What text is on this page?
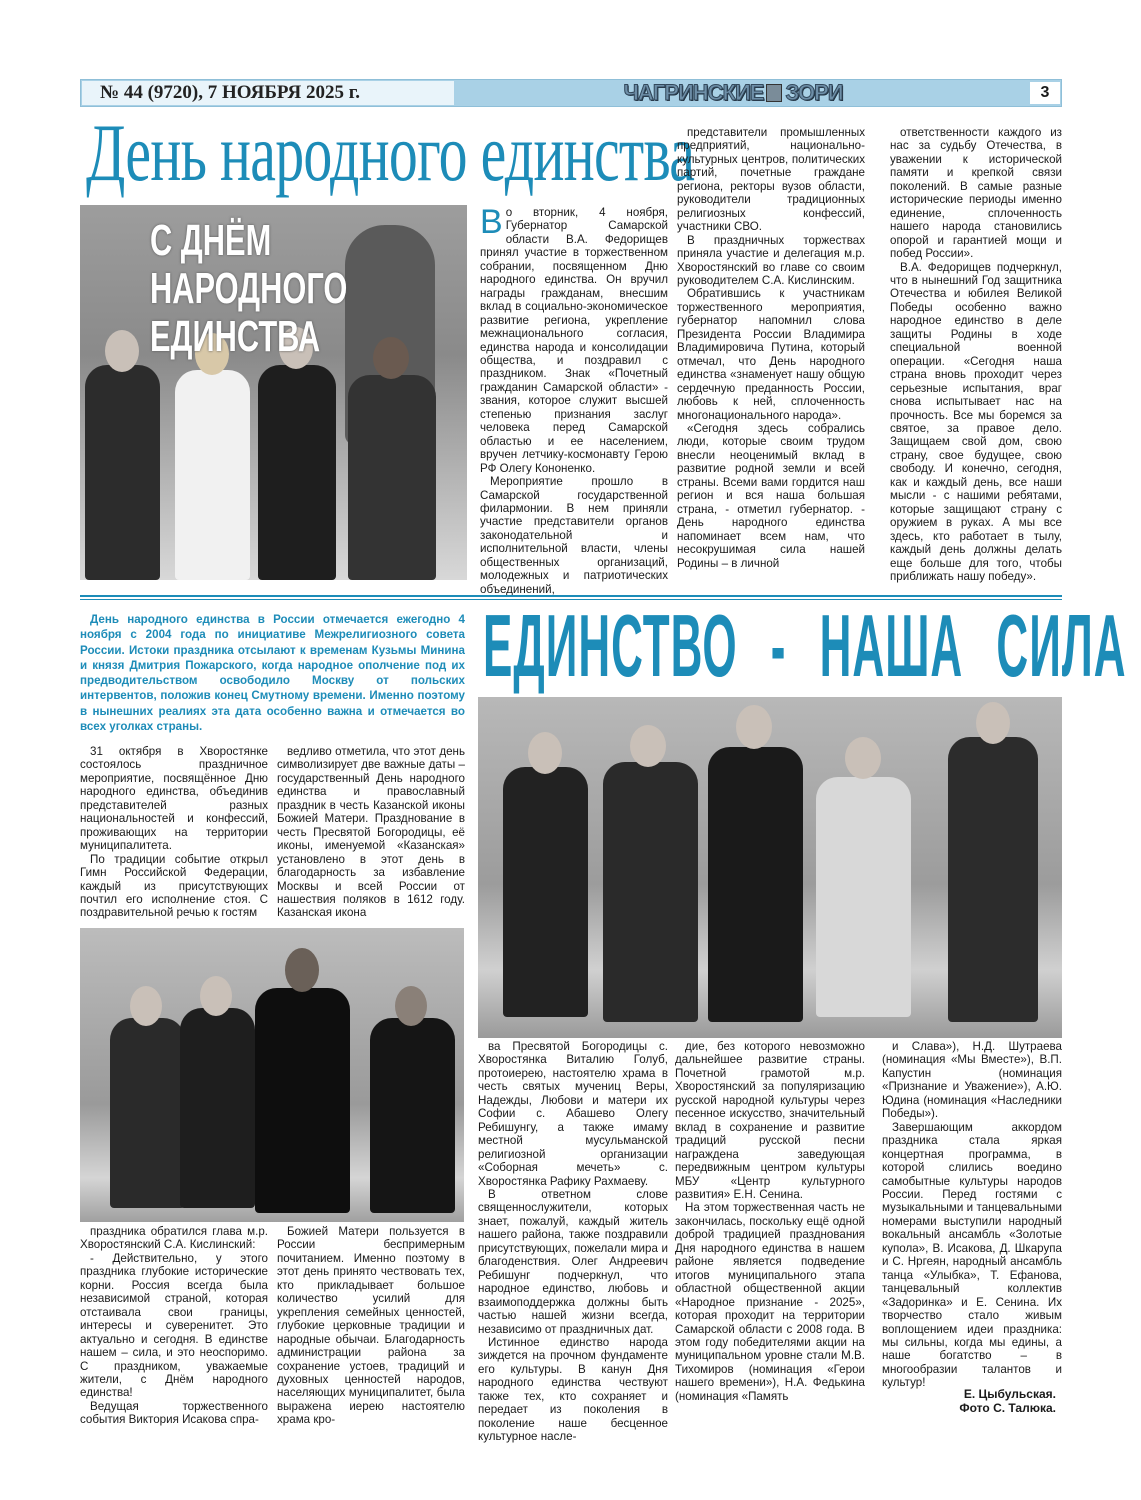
№ 44 (9720), 7 НОЯБРЯ 2025 г.	ЧАГРИНСКИЕ ЗОРИ	3
День народного единства
С ДНЁМ
НАРОДНОГО
ЕДИНСТВА

Во вторник, 4 ноября, Губернатор Самарской области В.А. Федорищев принял участие в торжественном собрании, посвященном Дню народного единства. Он вручил награды гражданам, внесшим вклад в социально-экономическое развитие региона, укрепление межнационального согласия, единства народа и консолидации общества, и поздравил с праздником. Знак «Почетный гражданин Самарской области» - звания, которое служит высшей степенью признания заслуг человека перед Самарской областью и ее населением, вручен летчику-космонавту Герою РФ Олегу Кононенко.

Мероприятие прошло в Самарской государственной филармонии. В нем приняли участие представители органов законодательной и исполнительной власти, члены общественных организаций, молодежных и патриотических объединений,

представители промышленных предприятий, национально-культурных центров, политических партий, почетные граждане региона, ректоры вузов области, руководители традиционных религиозных конфессий, участники СВО.

В праздничных торжествах приняла участие и делегация м.р. Хворостянский во главе со своим руководителем С.А. Кислинским.

Обратившись к участникам торжественного мероприятия, губернатор напомнил слова Президента России Владимира Владимировича Путина, который отмечал, что День народного единства «знаменует нашу общую сердечную преданность России, любовь к ней, сплоченность многонационального народа».

«Сегодня здесь собрались люди, которые своим трудом внесли неоценимый вклад в развитие родной земли и всей страны. Всеми вами гордится наш регион и вся наша большая страна, - отметил губернатор. - День народного единства напоминает всем нам, что несокрушимая сила нашей Родины – в личной

ответственности каждого из нас за судьбу Отечества, в уважении к исторической памяти и крепкой связи поколений. В самые разные исторические периоды именно единение, сплоченность нашего народа становились опорой и гарантией мощи и побед России».

В.А. Федорищев подчеркнул, что в нынешний Год защитника Отечества и юбилея Великой Победы особенно важно народное единство в деле защиты Родины в ходе специальной военной операции. «Сегодня наша страна вновь проходит через серьезные испытания, враг снова испытывает нас на прочность. Все мы боремся за святое, за правое дело. Защищаем свой дом, свою страну, свое будущее, свою свободу. И конечно, сегодня, как и каждый день, все наши мысли - с нашими ребятами, которые защищают страну с оружием в руках. А мы все здесь, кто работает в тылу, каждый день должны делать еще больше для того, чтобы приближать нашу победу».

День народного единства в России отмечается ежегодно 4 ноября с 2004 года по инициативе Межрелигиозного совета России. Истоки праздника отсылают к временам Кузьмы Минина и князя Дмитрия Пожарского, когда народное ополчение под их предводительством освободило Москву от польских интервентов, положив конец Смутному времени. Именно поэтому в нынешних реалиях эта дата особенно важна и отмечается во всех уголках страны.
ЕДИНСТВО - НАША СИЛА

31 октября в Хворостянке состоялось праздничное мероприятие, посвящённое Дню народного единства, объединив представителей разных национальностей и конфессий, проживающих на территории муниципалитета.

По традиции событие открыл Гимн Российской Федерации, каждый из присутствующих почтил его исполнение стоя. С поздравительной речью к гостям

ведливо отметила, что этот день символизирует две важные даты – государственный День народного единства и православный праздник в честь Казанской иконы Божией Матери. Празднование в честь Пресвятой Богородицы, её иконы, именуемой «Казанская» установлено в этот день в благодарность за избавление Москвы и всей России от нашествия поляков в 1612 году. Казанская икона

праздника обратился глава м.р. Хворостянский С.А. Кислинский:

- Действительно, у этого праздника глубокие исторические корни. Россия всегда была независимой страной, которая отстаивала свои границы, интересы и суверенитет. Это актуально и сегодня. В единстве нашем – сила, и это неоспоримо. С праздником, уважаемые жители, с Днём народного единства!

Ведущая торжественного события Виктория Исакова спра-

Божией Матери пользуется в России беспримерным почитанием. Именно поэтому в этот день принято чествовать тех, кто прикладывает большое количество усилий для укрепления семейных ценностей, глубокие церковные традиции и народные обычаи. Благодарность администрации района за сохранение устоев, традиций и духовных ценностей народов, населяющих муниципалитет, была выражена иерею настоятелю храма кро-

ва Пресвятой Богородицы с. Хворостянка Виталию Голуб, протоиерею, настоятелю храма в честь святых мучениц Веры, Надежды, Любови и матери их Софии с. Абашево Олегу Ребишунгу, а также имаму местной мусульманской религиозной организации «Соборная мечеть» с. Хворостянка Рафику Рахмаеву.

В ответном слове священнослужители, которых знает, пожалуй, каждый житель нашего района, также поздравили присутствующих, пожелали мира и благоденствия. Олег Андреевич Ребишунг подчеркнул, что народное единство, любовь и взаимоподдержка должны быть частью нашей жизни всегда, независимо от праздничных дат.

Истинное единство народа зиждется на прочном фундаменте его культуры. В канун Дня народного единства чествуют также тех, кто сохраняет и передает из поколения в поколение наше бесценное культурное насле-

дие, без которого невозможно дальнейшее развитие страны. Почетной грамотой м.р. Хворостянский за популяризацию русской народной культуры через песенное искусство, значительный вклад в сохранение и развитие традиций русской песни награждена заведующая передвижным центром культуры МБУ «Центр культурного развития» Е.Н. Сенина.

На этом торжественная часть не закончилась, поскольку ещё одной доброй традицией празднования Дня народного единства в нашем районе является подведение итогов муниципального этапа областной общественной акции «Народное признание - 2025», которая проходит на территории Самарской области с 2008 года. В этом году победителями акции на муниципальном уровне стали М.В. Тихомиров (номинация «Герои нашего времени»), Н.А. Федькина (номинация «Память

и Слава»), Н.Д. Шутраева (номинация «Мы Вместе»), В.П. Капустин (номинация «Признание и Уважение»), А.Ю. Юдина (номинация «Наследники Победы»).

Завершающим аккордом праздника стала яркая концертная программа, в которой слились воедино самобытные культуры народов России. Перед гостями с музыкальными и танцевальными номерами выступили народный вокальный ансамбль «Золотые купола», В. Исакова, Д. Шкарупа и С. Нргеян, народный ансамбль танца «Улыбка», Т. Ефанова, танцевальный коллектив «Задоринка» и Е. Сенина. Их творчество стало живым воплощением идеи праздника: мы сильны, когда мы едины, а наше богатство – в многообразии талантов и культур!

Е. Цыбульская.
Фото С. Талюка.
